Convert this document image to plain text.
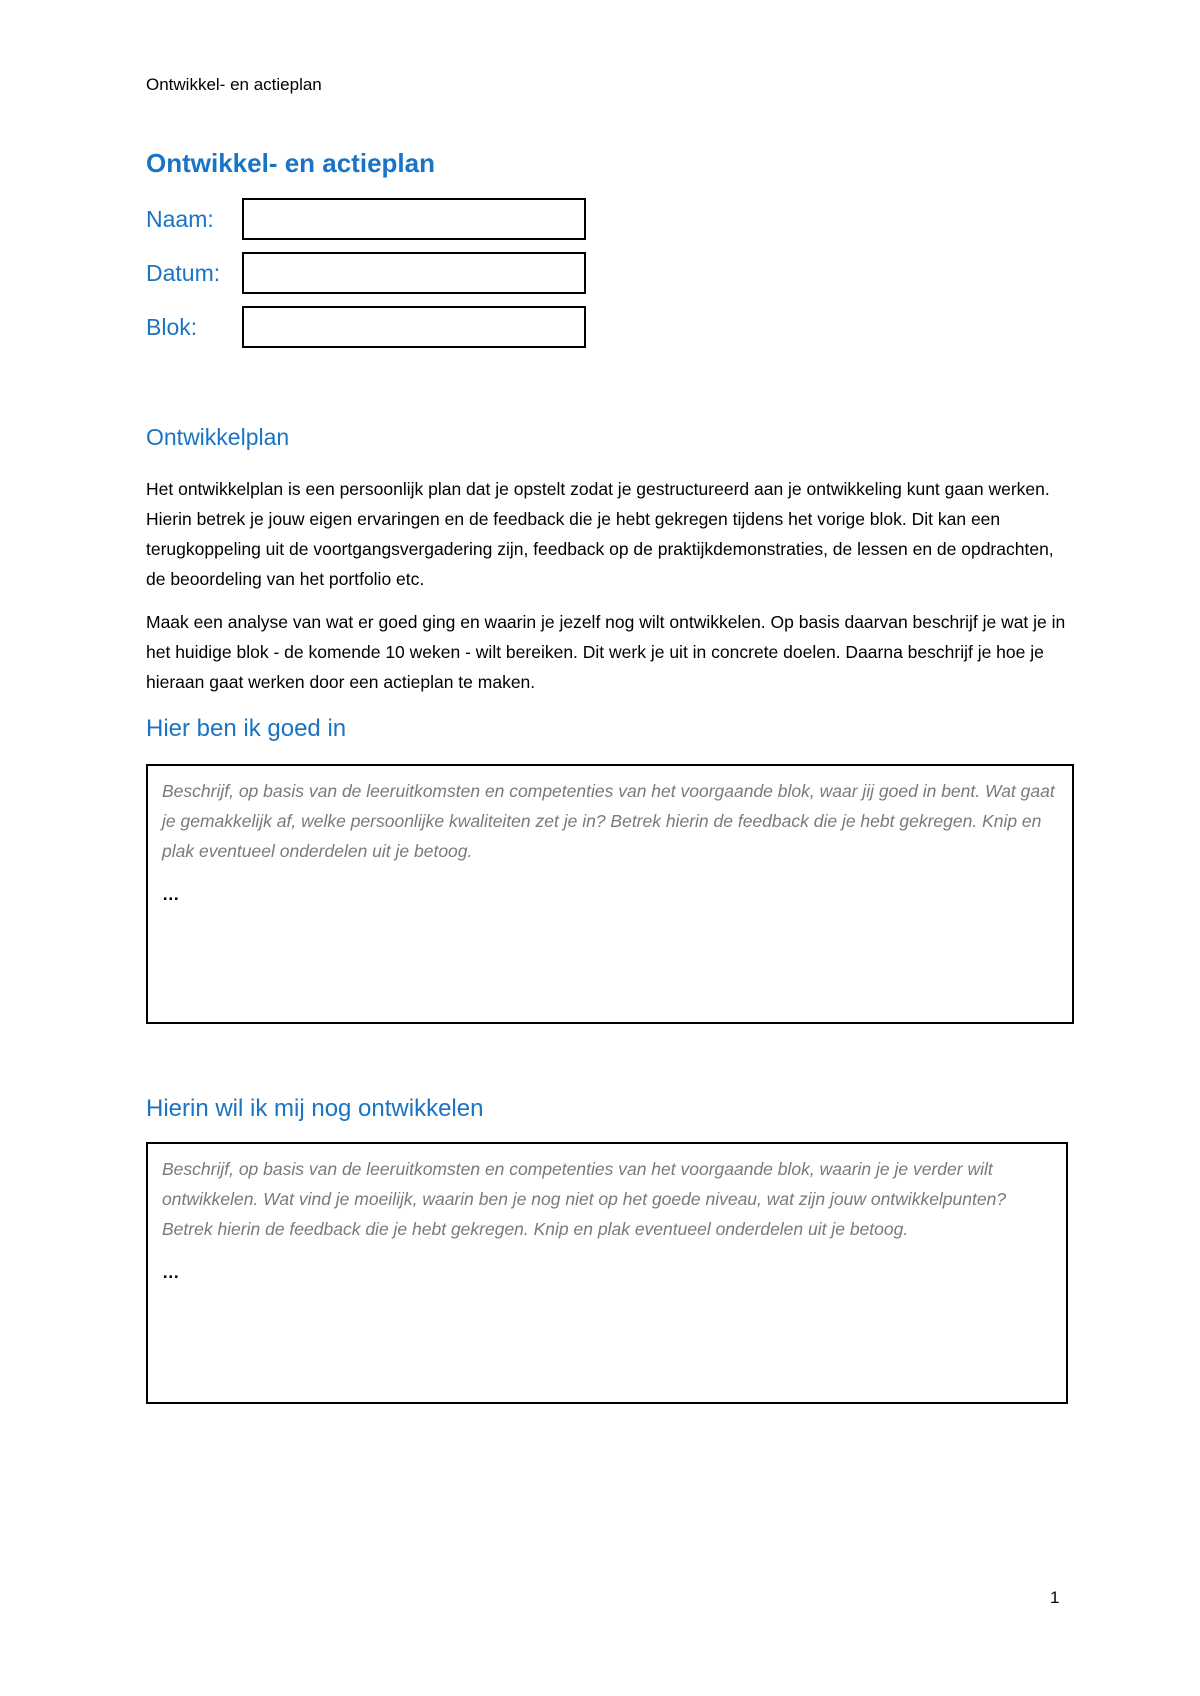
Ontwikkel- en actieplan
Ontwikkel- en actieplan
Naam:
Datum:
Blok:
Ontwikkelplan

Het ontwikkelplan is een persoonlijk plan dat je opstelt zodat je gestructureerd aan je ontwikkeling kunt gaan werken. Hierin betrek je jouw eigen ervaringen en de feedback die je hebt gekregen tijdens het vorige blok. Dit kan een terugkoppeling uit de voortgangsvergadering zijn, feedback op de praktijkdemonstraties, de lessen en de opdrachten, de beoordeling van het portfolio etc.

Maak een analyse van wat er goed ging en waarin je jezelf nog wilt ontwikkelen. Op basis daarvan beschrijf je wat je in het huidige blok - de komende 10 weken - wilt bereiken. Dit werk je uit in concrete doelen. Daarna beschrijf je hoe je hieraan gaat werken door een actieplan te maken.

Hier ben ik goed in

Beschrijf, op basis van de leeruitkomsten en competenties van het voorgaande blok, waar jij goed in bent. Wat gaat je gemakkelijk af, welke persoonlijke kwaliteiten zet je in? Betrek hierin de feedback die je hebt gekregen. Knip en plak eventueel onderdelen uit je betoog.

…

Hierin wil ik mij nog ontwikkelen

Beschrijf, op basis van de leeruitkomsten en competenties van het voorgaande blok, waarin je je verder wilt ontwikkelen. Wat vind je moeilijk, waarin ben je nog niet op het goede niveau, wat zijn jouw ontwikkelpunten? Betrek hierin de feedback die je hebt gekregen. Knip en plak eventueel onderdelen uit je betoog.

…

1
